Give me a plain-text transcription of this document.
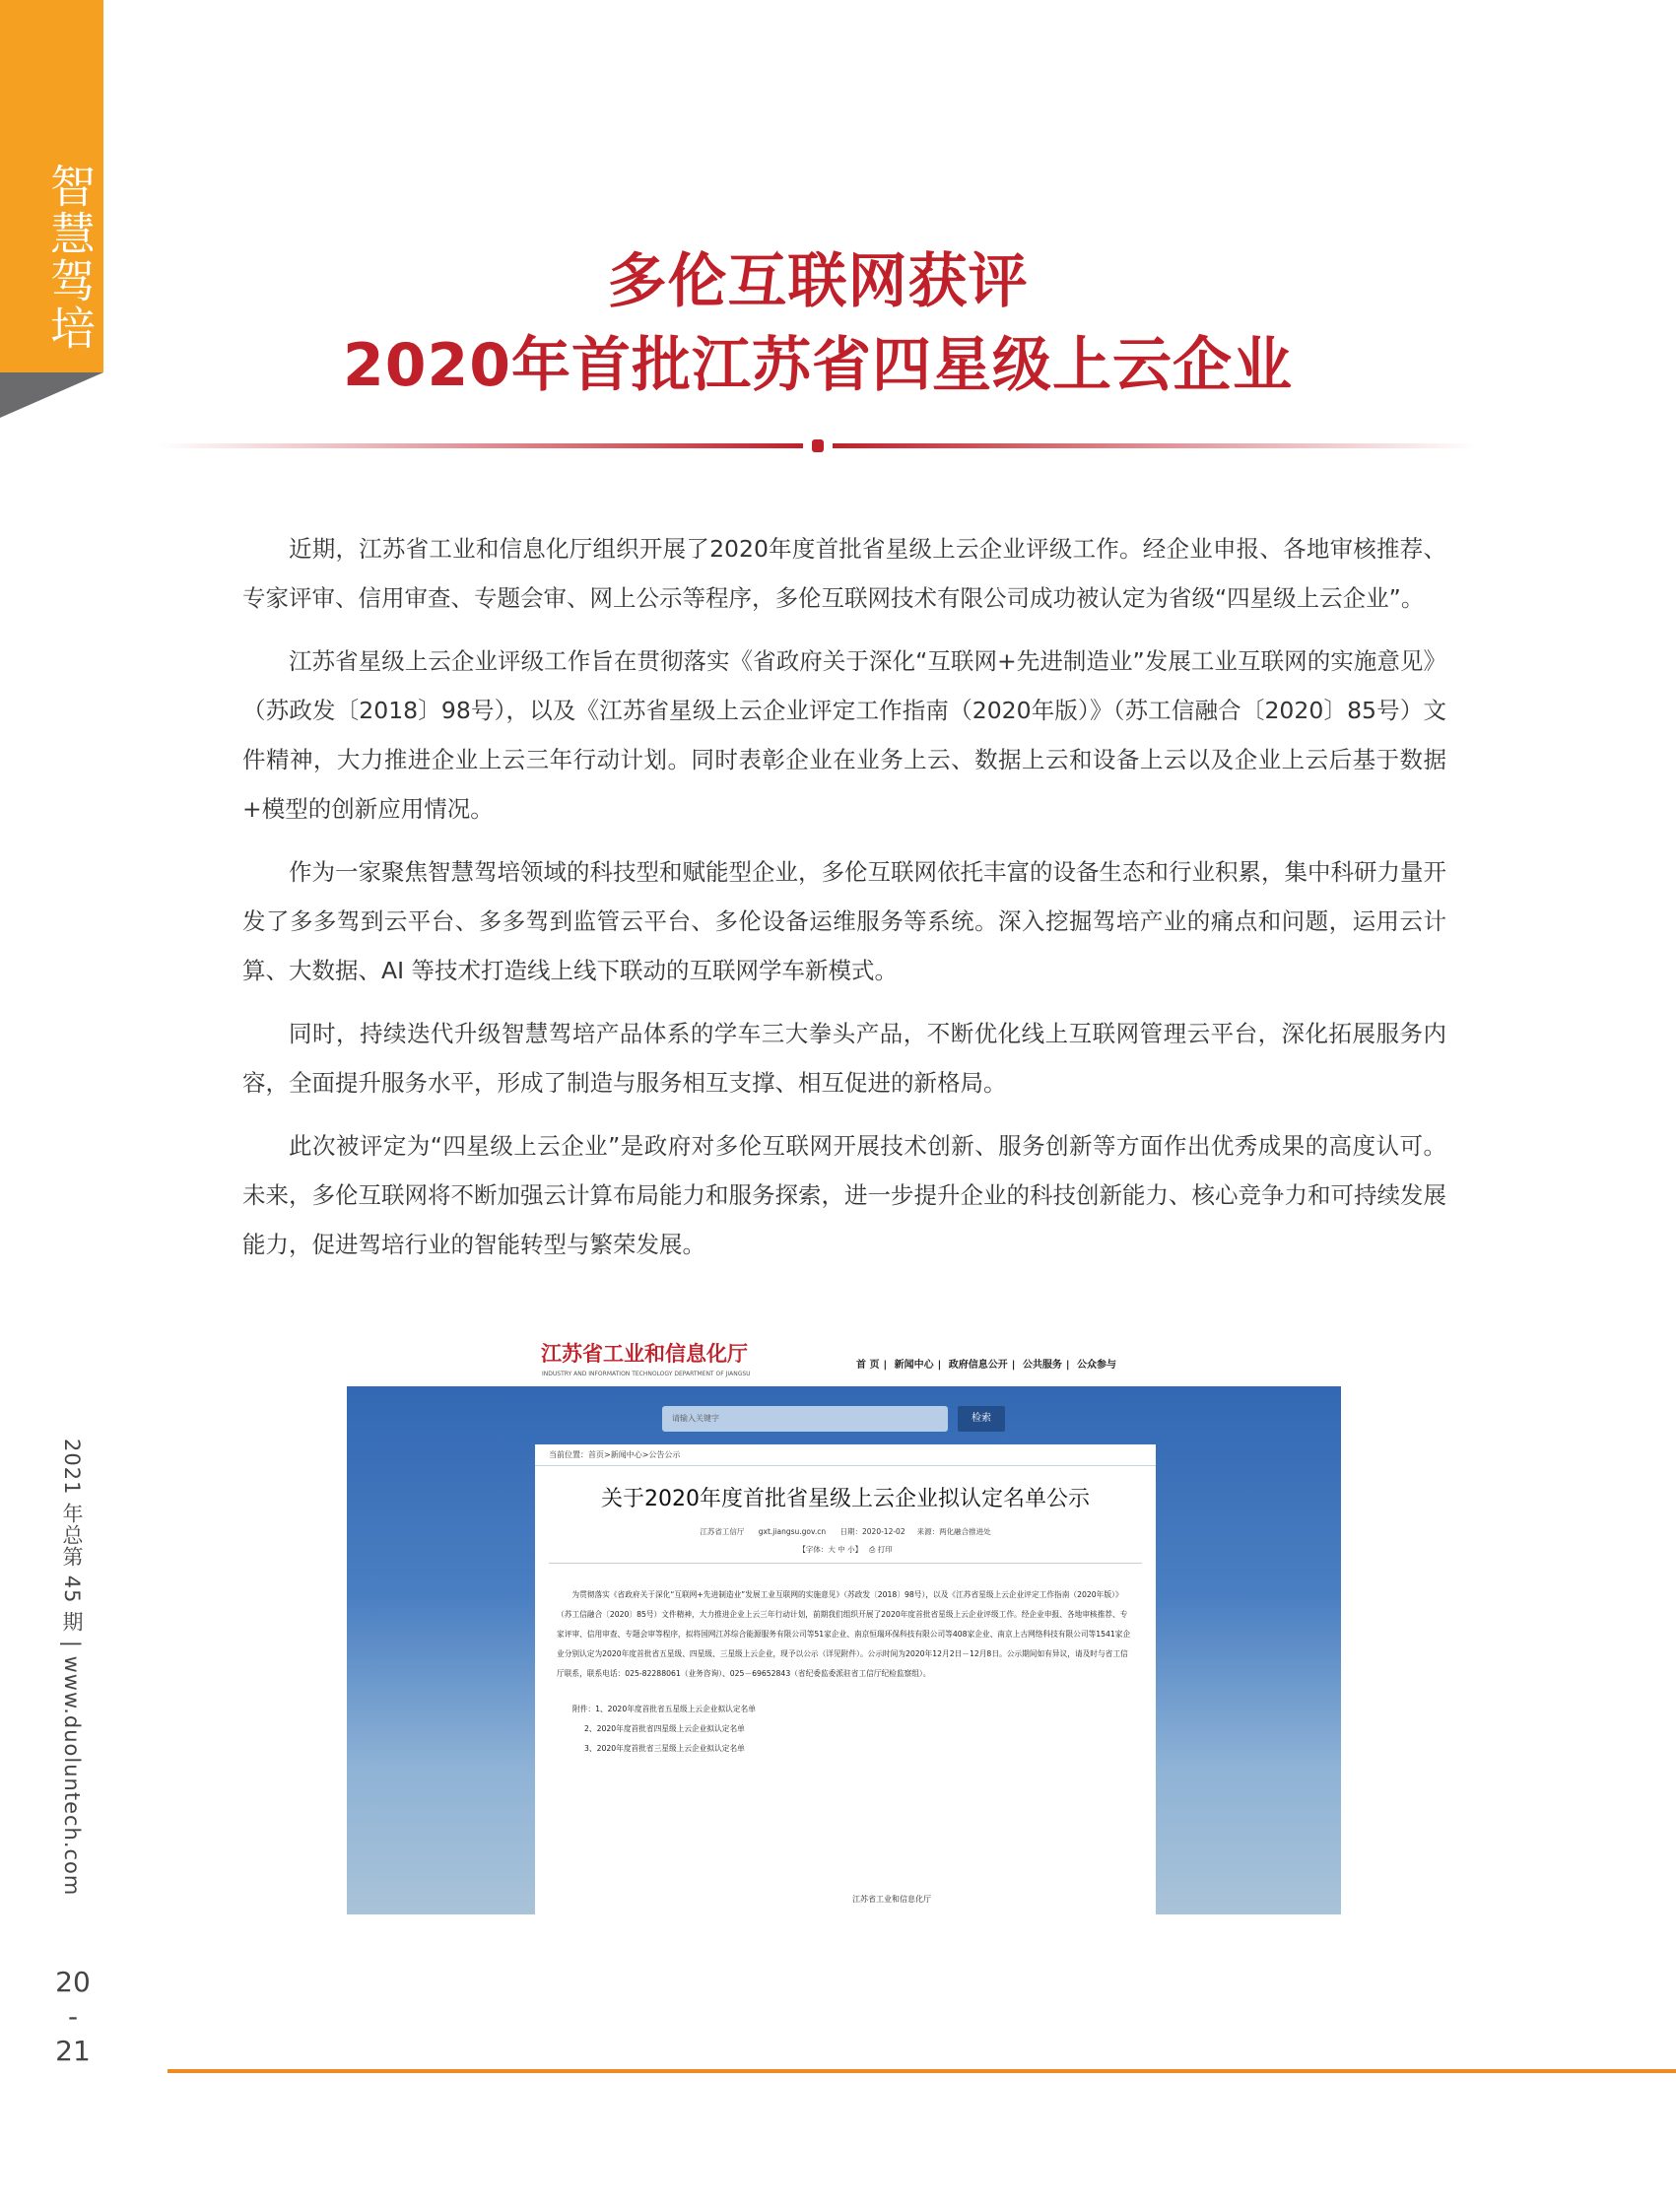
智慧驾培	多伦互联网获评
2020年首批江苏省四星级上云企业

近期，江苏省工业和信息化厅组织开展了2020年度首批省星级上云企业评级工作。经企业申报、各地审核推荐、专家评审、信用审查、专题会审、网上公示等程序，多伦互联网技术有限公司成功被认定为省级“四星级上云企业”。

江苏省星级上云企业评级工作旨在贯彻落实《省政府关于深化“互联网+先进制造业”发展工业互联网的实施意见》（苏政发〔2018〕98号），以及《江苏省星级上云企业评定工作指南（2020年版）》（苏工信融合〔2020〕85号）文件精神，大力推进企业上云三年行动计划。同时表彰企业在业务上云、数据上云和设备上云以及企业上云后基于数据+模型的创新应用情况。

作为一家聚焦智慧驾培领域的科技型和赋能型企业，多伦互联网依托丰富的设备生态和行业积累，集中科研力量开发了多多驾到云平台、多多驾到监管云平台、多伦设备运维服务等系统。深入挖掘驾培产业的痛点和问题，运用云计算、大数据、AI 等技术打造线上线下联动的互联网学车新模式。

同时，持续迭代升级智慧驾培产品体系的学车三大拳头产品，不断优化线上互联网管理云平台，深化拓展服务内容，全面提升服务水平，形成了制造与服务相互支撑、相互促进的新格局。

此次被评定为“四星级上云企业”是政府对多伦互联网开展技术创新、服务创新等方面作出优秀成果的高度认可。未来，多伦互联网将不断加强云计算布局能力和服务探索，进一步提升企业的科技创新能力、核心竞争力和可持续发展能力，促进驾培行业的智能转型与繁荣发展。

江苏省工业和信息化厅
INDUSTRY AND INFORMATION TECHNOLOGY DEPARTMENT OF JIANGSU
首 页 | 新闻中心 | 政府信息公开 | 公共服务 | 公众参与
请输入关键字	检索
当前位置：首页>新闻中心>公告公示
关于2020年度首批省星级上云企业拟认定名单公示
江苏省工信厅 gxt.jiangsu.gov.cn 日期：2020-12-02 来源：两化融合推进处
【字体：大 中 小】 ⎙ 打印
为贯彻落实《省政府关于深化“互联网+先进制造业”发展工业互联网的实施意见》（苏政发〔2018〕98号），以及《江苏省星级上云企业评定工作指南（2020年版）》（苏工信融合〔2020〕85号）文件精神，大力推进企业上云三年行动计划，前期我们组织开展了2020年度首批省星级上云企业评级工作。经企业申报、各地审核推荐、专家评审、信用审查、专题会审等程序，拟将国网江苏综合能源服务有限公司等51家企业、南京恒瑞环保科技有限公司等408家企业、南京上古网络科技有限公司等1541家企业分别认定为2020年度首批省五星级、四星级、三星级上云企业，现予以公示（详见附件）。公示时间为2020年12月2日－12月8日。公示期间如有异议，请及时与省工信厅联系，联系电话：025-82288061（业务咨询）、025－69652843（省纪委监委派驻省工信厅纪检监察组）。
附件：1、2020年度首批省五星级上云企业拟认定名单
2、2020年度首批省四星级上云企业拟认定名单
3、2020年度首批省三星级上云企业拟认定名单
江苏省工业和信息化厅
2021 年总第 45 期 | www.duoluntech.com
20
-
21
